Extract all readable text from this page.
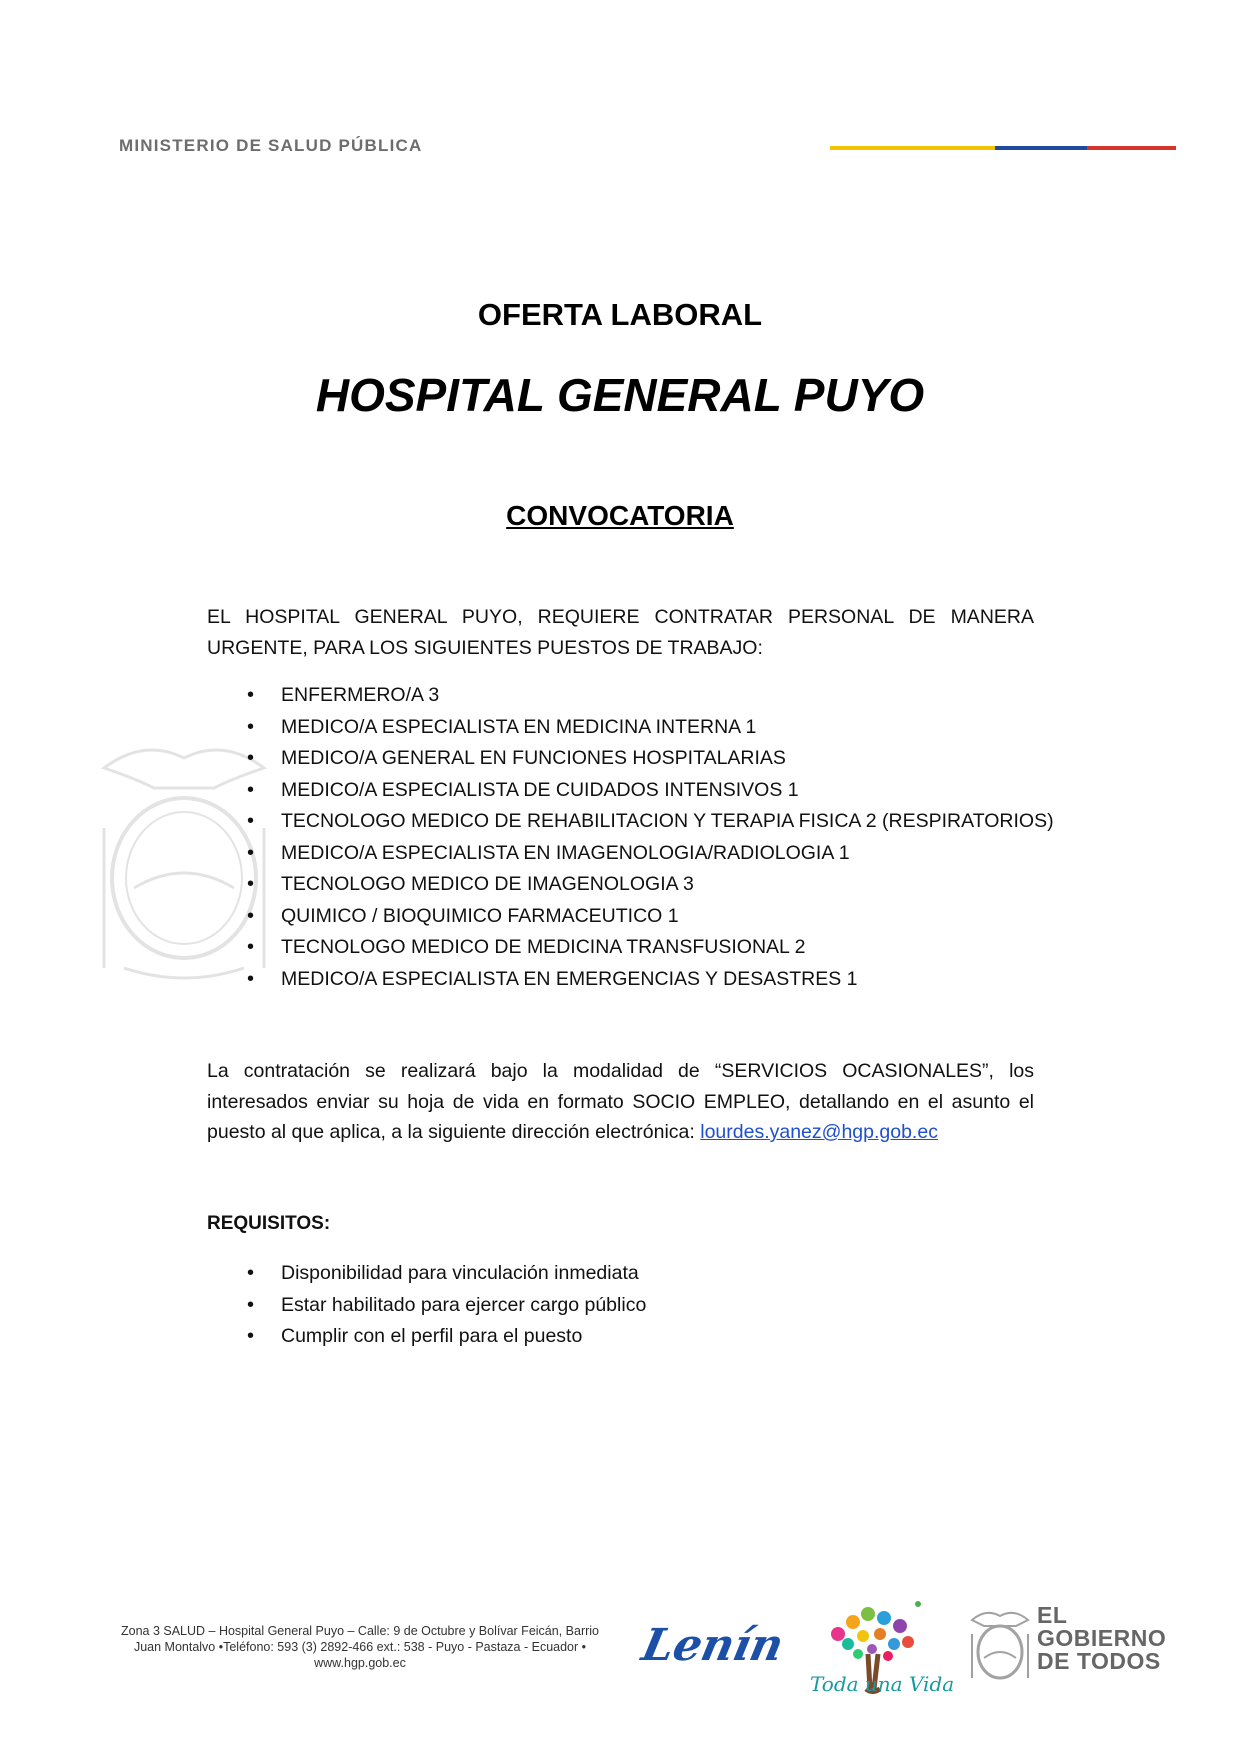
MINISTERIO DE SALUD PÚBLICA
OFERTA LABORAL
HOSPITAL GENERAL PUYO
CONVOCATORIA
EL HOSPITAL GENERAL PUYO, REQUIERE CONTRATAR PERSONAL DE MANERA URGENTE, PARA LOS SIGUIENTES PUESTOS DE TRABAJO:
• ENFERMERO/A 3
• MEDICO/A ESPECIALISTA EN MEDICINA INTERNA 1
• MEDICO/A GENERAL EN FUNCIONES HOSPITALARIAS
• MEDICO/A ESPECIALISTA DE CUIDADOS INTENSIVOS 1
• TECNOLOGO MEDICO DE REHABILITACION Y TERAPIA FISICA 2 (RESPIRATORIOS)
• MEDICO/A ESPECIALISTA EN IMAGENOLOGIA/RADIOLOGIA 1
• TECNOLOGO MEDICO DE IMAGENOLOGIA 3
• QUIMICO / BIOQUIMICO FARMACEUTICO 1
• TECNOLOGO MEDICO DE MEDICINA TRANSFUSIONAL 2
• MEDICO/A ESPECIALISTA EN EMERGENCIAS Y DESASTRES 1
La contratación se realizará bajo la modalidad de “SERVICIOS OCASIONALES”, los interesados enviar su hoja de vida en formato SOCIO EMPLEO, detallando en el asunto el puesto al que aplica, a la siguiente dirección electrónica: lourdes.yanez@hgp.gob.ec
REQUISITOS:
• Disponibilidad para vinculación inmediata
• Estar habilitado para ejercer cargo público
• Cumplir con el perfil para el puesto
Zona 3 SALUD – Hospital General Puyo – Calle: 9 de Octubre y Bolívar Feicán, Barrio Juan Montalvo •Teléfono: 593 (3) 2892-466 ext.: 538 - Puyo - Pastaza - Ecuador • www.hgp.gob.ec	Lenín
Toda una Vida
EL
GOBIERNO
DE TODOS
